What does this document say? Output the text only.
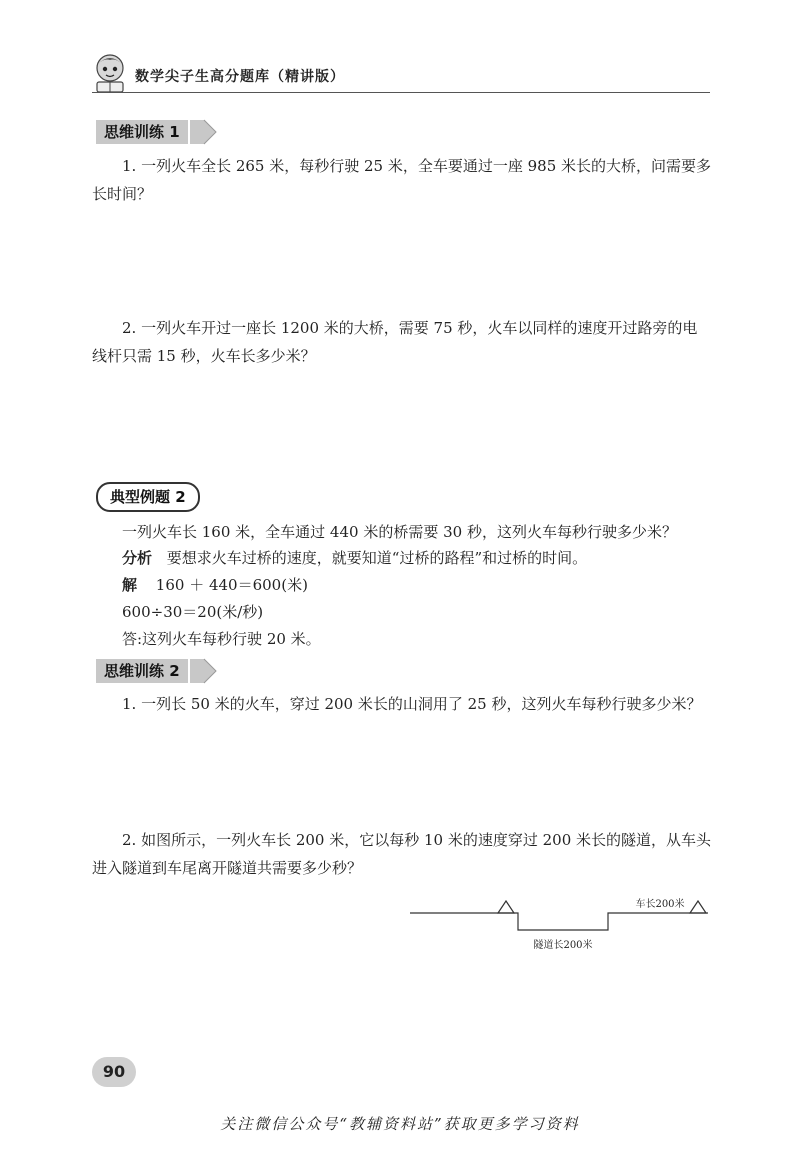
数学尖子生高分题库（精讲版）
思维训练 1
1. 一列火车全长 265 米，每秒行驶 25 米，全车要通过一座 985 米长的大桥，问需要多长时间？
2. 一列火车开过一座长 1200 米的大桥，需要 75 秒，火车以同样的速度开过路旁的电线杆只需 15 秒，火车长多少米？
典型例题 2
一列火车长 160 米，全车通过 440 米的桥需要 30 秒，这列火车每秒行驶多少米？
分析 要想求火车过桥的速度，就要知道“过桥的路程”和过桥的时间。
解 160 ＋ 440＝600(米)
600÷30＝20(米/秒)
答:这列火车每秒行驶 20 米。
思维训练 2
1. 一列长 50 米的火车，穿过 200 米长的山洞用了 25 秒，这列火车每秒行驶多少米？
2. 如图所示，一列火车长 200 米，它以每秒 10 米的速度穿过 200 米长的隧道，从车头进入隧道到车尾离开隧道共需要多少秒？
车长200米
隧道长200米
90
关注微信公众号“教辅资料站”获取更多学习资料
